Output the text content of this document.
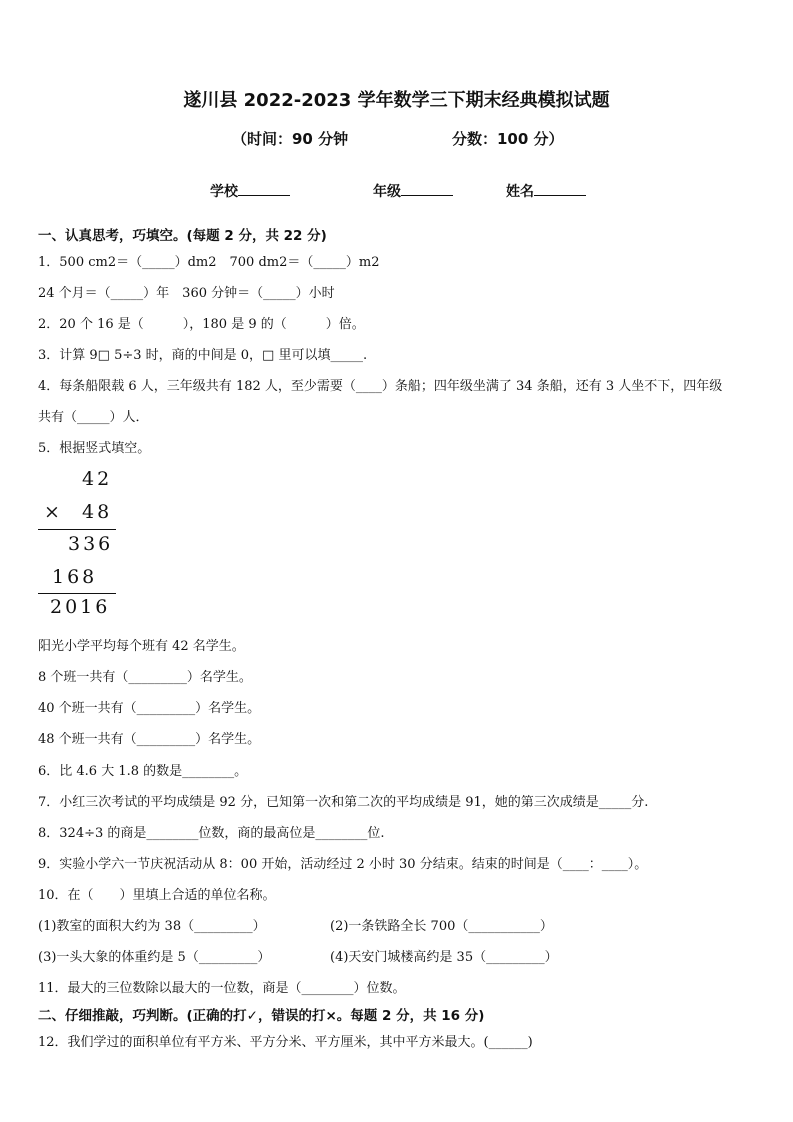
遂川县 2022-2023 学年数学三下期末经典模拟试题
（时间：90 分钟	分数：100 分）
学校	年级	姓名
一、认真思考，巧填空。(每题 2 分，共 22 分)
1．500 cm2＝（_____）dm2　700 dm2＝（_____）m2
24 个月＝（_____）年　360 分钟＝（_____）小时
2．20 个 16 是（　　　），180 是 9 的（　　　）倍。
3．计算 9□ 5÷3 时，商的中间是 0，□ 里可以填_____.
4．每条船限载 6 人，三年级共有 182 人，至少需要（____）条船；四年级坐满了 34 条船，还有 3 人坐不下，四年级
共有（_____）人．
5．根据竖式填空。
42
× 48
336
168
2016
阳光小学平均每个班有 42 名学生。
8 个班一共有（_________）名学生。
40 个班一共有（_________）名学生。
48 个班一共有（_________）名学生。
6．比 4.6 大 1.8 的数是________。
7．小红三次考试的平均成绩是 92 分，已知第一次和第二次的平均成绩是 91，她的第三次成绩是_____分.
8．324÷3 的商是________位数，商的最高位是________位.
9．实验小学六一节庆祝活动从 8：00 开始，活动经过 2 小时 30 分结束。结束的时间是（____：____）。
10．在（　　）里填上合适的单位名称。
(1)教室的面积大约为 38（_________）	(2)一条铁路全长 700（___________）
(3)一头大象的体重约是 5（_________）	(4)天安门城楼高约是 35（_________）
11．最大的三位数除以最大的一位数，商是（________）位数。
二、仔细推敲，巧判断。(正确的打✓，错误的打×。每题 2 分，共 16 分)
12．我们学过的面积单位有平方米、平方分米、平方厘米，其中平方米最大。(______)
